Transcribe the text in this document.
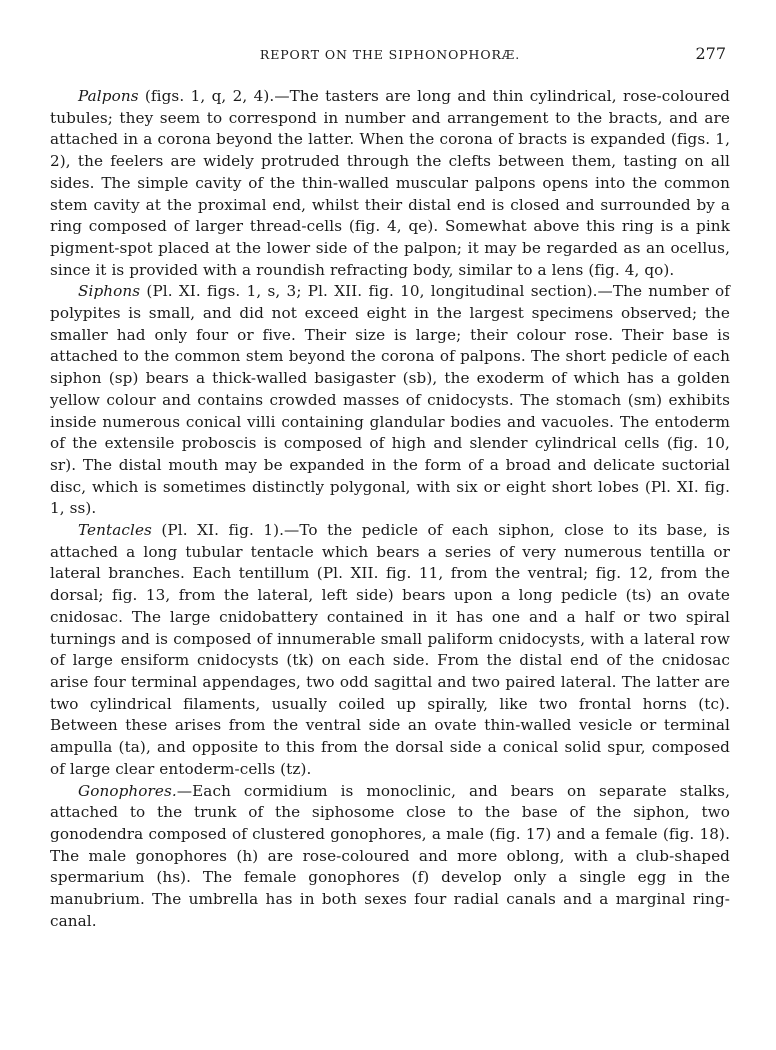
REPORT ON THE SIPHONOPHORÆ.	277

Palpons (figs. 1, q, 2, 4).—The tasters are long and thin cylindrical, rose-coloured tubules; they seem to correspond in number and arrangement to the bracts, and are attached in a corona beyond the latter. When the corona of bracts is expanded (figs. 1, 2), the feelers are widely protruded through the clefts between them, tasting on all sides. The simple cavity of the thin-walled muscular palpons opens into the common stem cavity at the proximal end, whilst their distal end is closed and surrounded by a ring composed of larger thread-cells (fig. 4, qe). Somewhat above this ring is a pink pigment-spot placed at the lower side of the palpon; it may be regarded as an ocellus, since it is provided with a roundish refracting body, similar to a lens (fig. 4, qo).

Siphons (Pl. XI. figs. 1, s, 3; Pl. XII. fig. 10, longitudinal section).—The number of polypites is small, and did not exceed eight in the largest specimens observed; the smaller had only four or five. Their size is large; their colour rose. Their base is attached to the common stem beyond the corona of palpons. The short pedicle of each siphon (sp) bears a thick-walled basigaster (sb), the exoderm of which has a golden yellow colour and contains crowded masses of cnidocysts. The stomach (sm) exhibits inside numerous conical villi containing glandular bodies and vacuoles. The entoderm of the extensile proboscis is composed of high and slender cylindrical cells (fig. 10, sr). The distal mouth may be expanded in the form of a broad and delicate suctorial disc, which is sometimes distinctly polygonal, with six or eight short lobes (Pl. XI. fig. 1, ss).

Tentacles (Pl. XI. fig. 1).—To the pedicle of each siphon, close to its base, is attached a long tubular tentacle which bears a series of very numerous tentilla or lateral branches. Each tentillum (Pl. XII. fig. 11, from the ventral; fig. 12, from the dorsal; fig. 13, from the lateral, left side) bears upon a long pedicle (ts) an ovate cnidosac. The large cnidobattery contained in it has one and a half or two spiral turnings and is composed of innumerable small paliform cnidocysts, with a lateral row of large ensiform cnidocysts (tk) on each side. From the distal end of the cnidosac arise four terminal appendages, two odd sagittal and two paired lateral. The latter are two cylindrical filaments, usually coiled up spirally, like two frontal horns (tc). Between these arises from the ventral side an ovate thin-walled vesicle or terminal ampulla (ta), and opposite to this from the dorsal side a conical solid spur, composed of large clear entoderm-cells (tz).

Gonophores.—Each cormidium is monoclinic, and bears on separate stalks, attached to the trunk of the siphosome close to the base of the siphon, two gonodendra composed of clustered gonophores, a male (fig. 17) and a female (fig. 18). The male gonophores (h) are rose-coloured and more oblong, with a club-shaped spermarium (hs). The female gonophores (f) develop only a single egg in the manubrium. The umbrella has in both sexes four radial canals and a marginal ring-canal.
